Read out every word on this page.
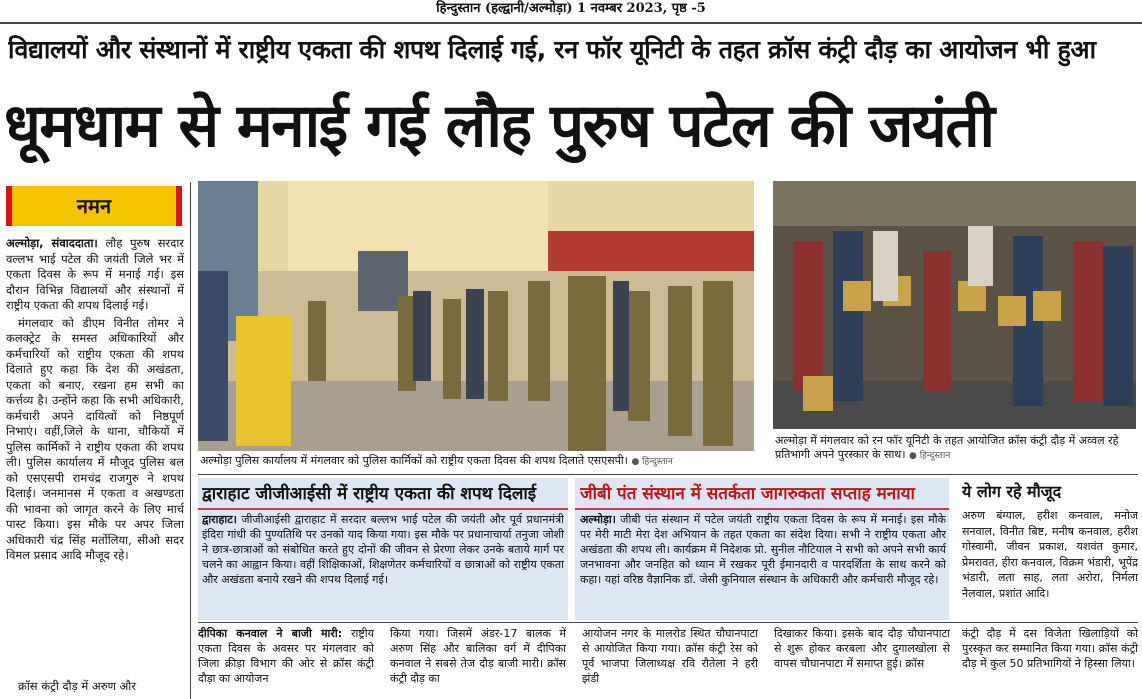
हिन्दुस्तान (हल्द्वानी/अल्मोड़ा) 1 नवम्बर 2023, पृष्ठ -5
विद्यालयों और संस्थानों में राष्ट्रीय एकता की शपथ दिलाई गई, रन फॉर यूनिटी के तहत क्रॉस कंट्री दौड़ का आयोजन भी हुआ
धूमधाम से मनाई गई लौह पुरुष पटेल की जयंती
नमन

अल्मोड़ा, संवाददाता। लौह पुरुष सरदार वल्लभ भाई पटेल की जयंती जिले भर में एकता दिवस के रूप में मनाई गई। इस दौरान विभिन्न विद्यालयों और संस्थानों में राष्ट्रीय एकता की शपथ दिलाई गई।

मंगलवार को डीएम विनीत तोमर ने कलक्ट्रेट के समस्त अधिकारियों और कर्मचारियों को राष्ट्रीय एकता की शपथ दिलाते हुए कहा कि देश की अखंडता, एकता को बनाए, रखना हम सभी का कर्त्तव्य है। उन्होंने कहा कि सभी अधिकारी, कर्मचारी अपने दायित्वों को निष्ठपूर्ण निभाएं। वहीं,जिले के थाना, चौकियों में पुलिस कार्मिकों ने राष्ट्रीय एकता की शपथ ली। पुलिस कार्यालय में मौजूद पुलिस बल को एसएसपी रामचंद्र राजगुरु ने शपथ दिलाई। जनमानस में एकता व अखण्डता की भावना को जागृत करने के लिए मार्च पास्ट किया। इस मौके पर अपर जिला अधिकारी चंद्र सिंह मर्तोलिया, सीओ सदर विमल प्रसाद आदि मौजूद रहे।

क्रॉस कंट्री दौड़ में अरुण और
अल्मोड़ा पुलिस कार्यालय में मंगलवार को पुलिस कार्मिकों को राष्ट्रीय एकता दिवस की शपथ दिलाते एसएसपी। ● हिन्दुस्तान
अल्मोड़ा में मंगलवार को रन फॉर यूनिटी के तहत आयोजित क्रॉस कंट्री दौड़ में अव्वल रहे प्रतिभागी अपने पुरस्कार के साथ। ● हिन्दुस्तान
द्वाराहाट जीजीआईसी में राष्ट्रीय एकता की शपथ दिलाई
द्वाराहाट। जीजीआईसी द्वाराहाट में सरदार बल्लभ भाई पटेल की जयंती और पूर्व प्रधानमंत्री इंदिरा गांधी की पुण्यतिथि पर उनको याद किया गया। इस मौके पर प्रधानाचार्या तनुजा जोशी ने छात्र-छात्राओं को संबोधित करते हुए दोनों की जीवन से प्रेरणा लेकर उनके बताये मार्ग पर चलने का आह्वान किया। वहीं शिक्षिकाओं, शिक्षणेतर कर्मचारियों व छात्राओं को राष्ट्रीय एकता और अखंडता बनाये रखने की शपथ दिलाई गई।
जीबी पंत संस्थान में सतर्कता जागरुकता सप्ताह मनाया
अल्मोड़ा। जीबी पंत संस्थान में पटेल जयंती राष्ट्रीय एकता दिवस के रूप में मनाई। इस मौके पर मेरी माटी मेरा देश अभियान के तहत एकता का संदेश दिया। सभी ने राष्ट्रीय एकता और अखंडता की शपथ ली। कार्यक्रम में निदेशक प्रो. सुनील नौटियाल ने सभी को अपने सभी कार्य जनभावना और जनहित को ध्यान में रखकर पूरी ईमानदारी व पारदर्शिता के साथ करने को कहा। यहां वरिष्ठ वैज्ञानिक डॉ. जेसी कुनियाल संस्थान के अधिकारी और कर्मचारी मौजूद रहे।
ये लोग रहे मौजूद
अरुण बंग्याल, हरीश कनवाल, मनोज सनवाल, विनीत बिष्ट, मनीष कनवाल, हरीश गोस्वामी, जीवन प्रकाश, यशवंत कुमार, प्रेमरावत, हीरा कनवाल, विक्रम भंडारी, भूपेंद्र भंडारी, लता साह, लता अरोरा, निर्मला नैलवाल, प्रशांत आदि।
दीपिका कनवाल ने बाजी मारी: राष्ट्रीय एकता दिवस के अवसर पर मंगलवार को जिला क्रीड़ा विभाग की ओर से क्रॉस कंट्री दौड़ा का आयोजन
किया गया। जिसमें अंडर-17 बालक में अरुण सिंह और बालिका वर्ग में दीपिका कनवाल ने सबसे तेज दौड़ बाजी मारी। क्रॉस कंट्री दौड़ का
आयोजन नगर के मालरोड स्थित चौघानपाटा से आयोजित किया गया। क्रॉस कंट्री रेस को पूर्व भाजपा जिलाध्यक्ष रवि रौतेला ने हरी झंडी
दिखाकर किया। इसके बाद दौड़ चौघानपाटा से शुरू होकर करबला और दुगालखोला से वापस चौघानपाटा में समाप्त हुई। क्रॉस
कंट्री दौड़ में दस विजेता खिलाड़ियों को पुरस्कृत कर सम्मानित किया गया। क्रॉस कंट्री दौड़ में कुल 50 प्रतिभागियों ने हिस्सा लिया।
